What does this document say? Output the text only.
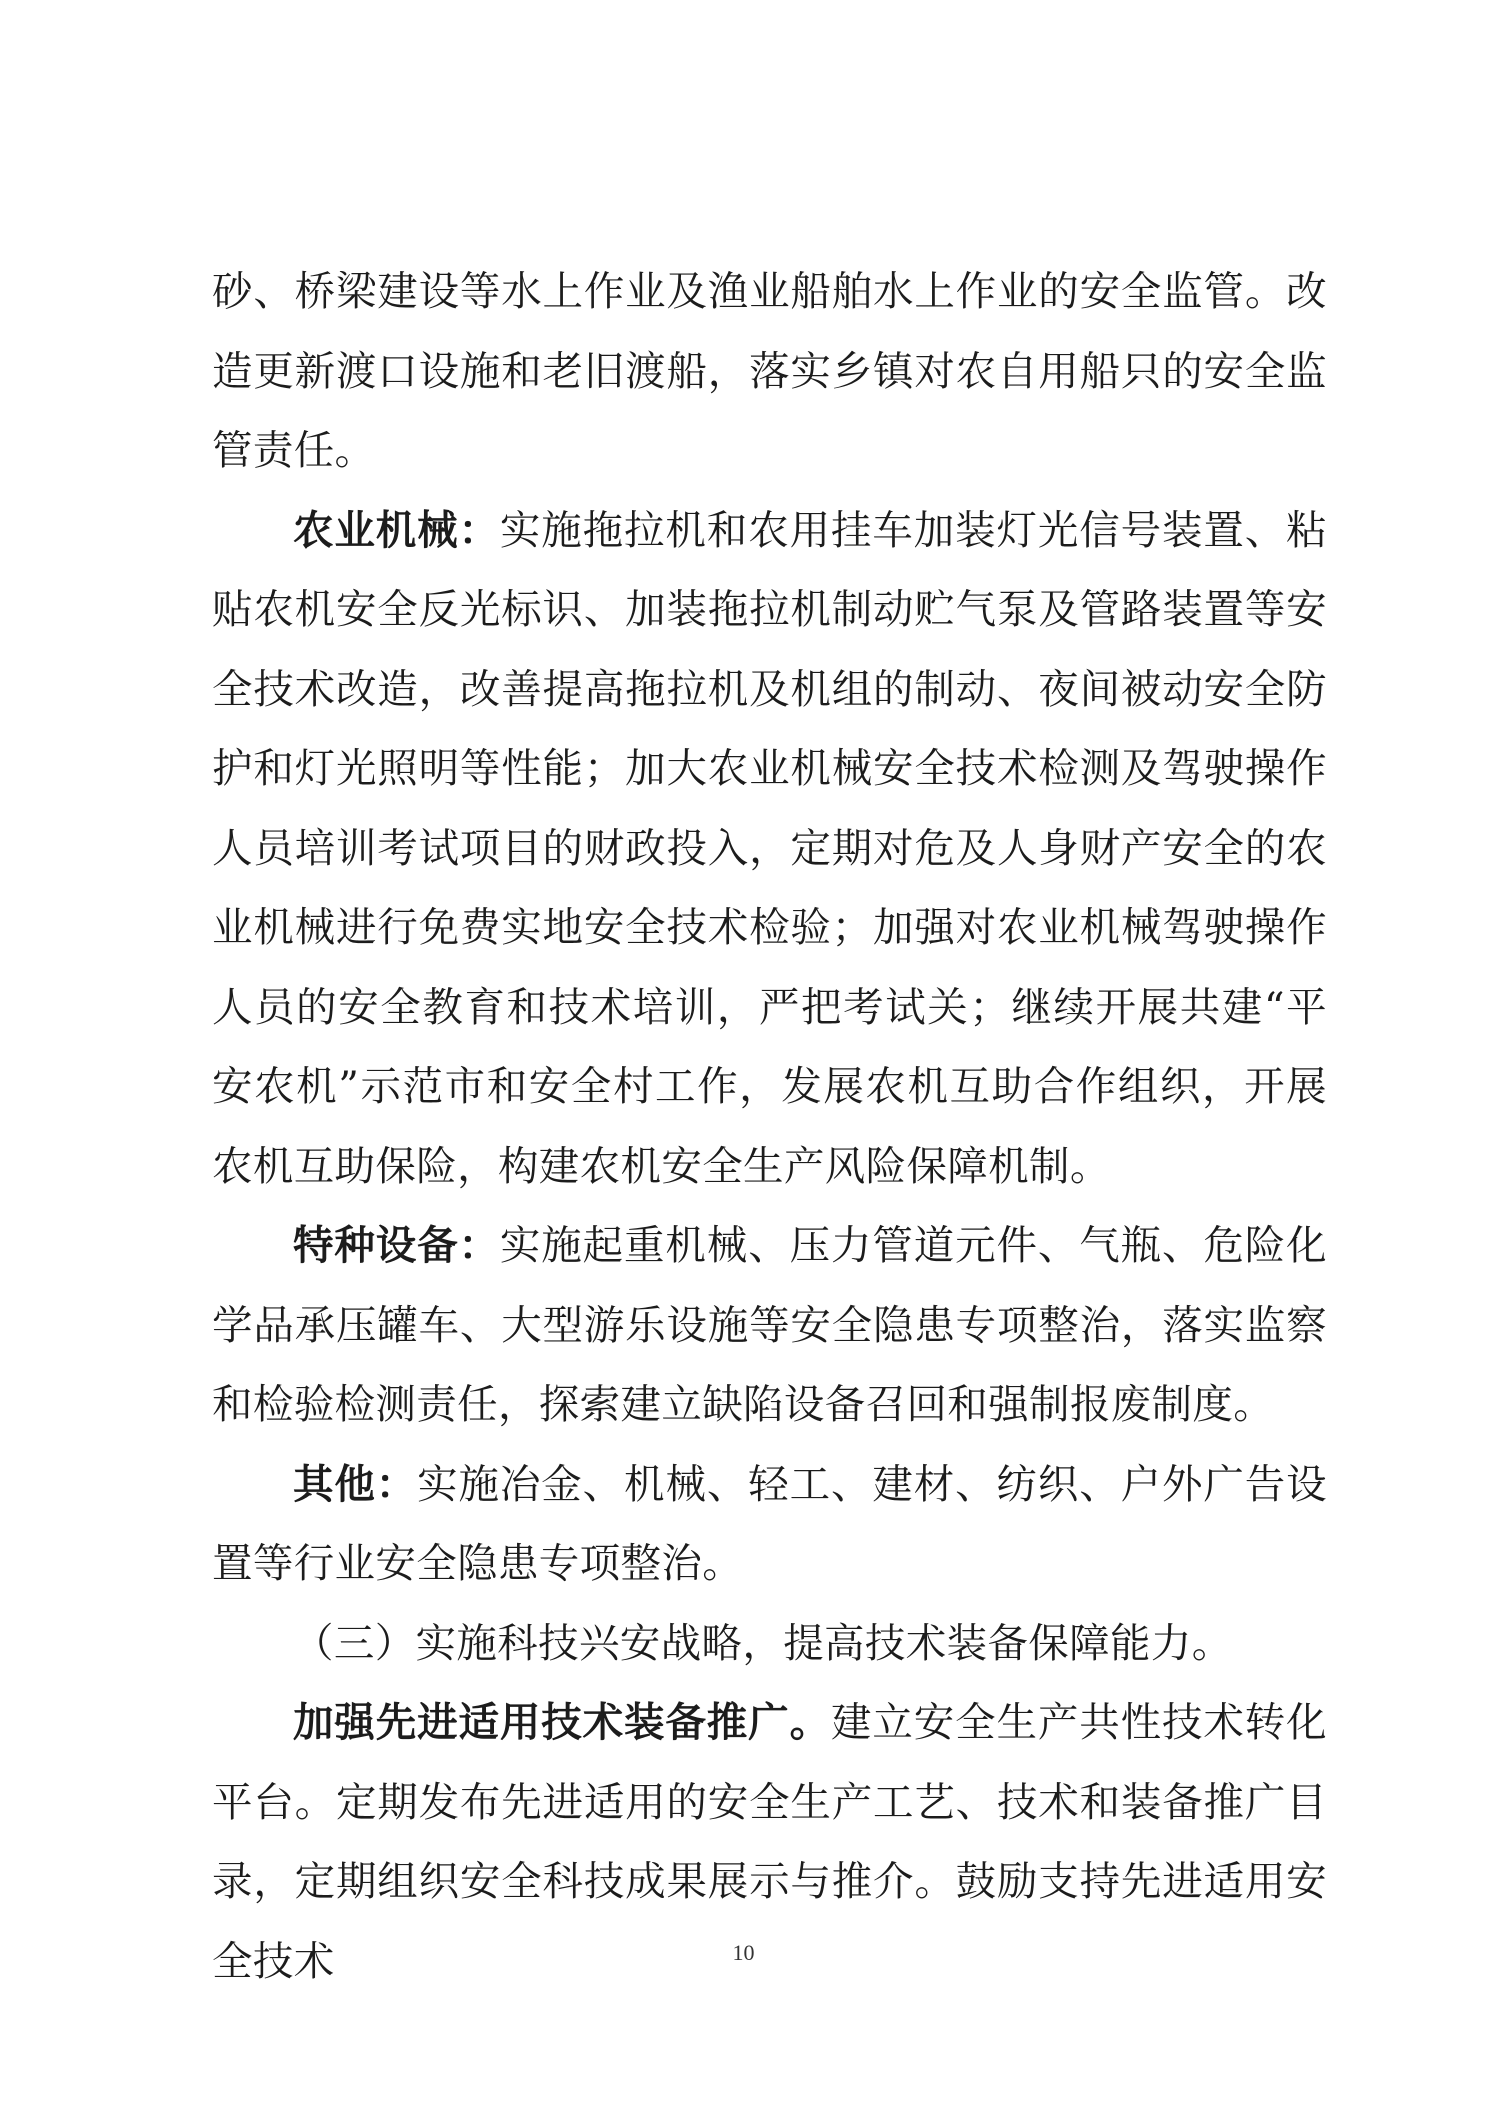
砂、桥梁建设等水上作业及渔业船舶水上作业的安全监管。改造更新渡口设施和老旧渡船，落实乡镇对农自用船只的安全监管责任。

农业机械：实施拖拉机和农用挂车加装灯光信号装置、粘贴农机安全反光标识、加装拖拉机制动贮气泵及管路装置等安全技术改造，改善提高拖拉机及机组的制动、夜间被动安全防护和灯光照明等性能；加大农业机械安全技术检测及驾驶操作人员培训考试项目的财政投入，定期对危及人身财产安全的农业机械进行免费实地安全技术检验；加强对农业机械驾驶操作人员的安全教育和技术培训，严把考试关；继续开展共建“平安农机”示范市和安全村工作，发展农机互助合作组织，开展农机互助保险，构建农机安全生产风险保障机制。

特种设备：实施起重机械、压力管道元件、气瓶、危险化学品承压罐车、大型游乐设施等安全隐患专项整治，落实监察和检验检测责任，探索建立缺陷设备召回和强制报废制度。

其他：实施冶金、机械、轻工、建材、纺织、户外广告设置等行业安全隐患专项整治。

（三）实施科技兴安战略，提高技术装备保障能力。

加强先进适用技术装备推广。建立安全生产共性技术转化平台。定期发布先进适用的安全生产工艺、技术和装备推广目录，定期组织安全科技成果展示与推介。鼓励支持先进适用安全技术	10
